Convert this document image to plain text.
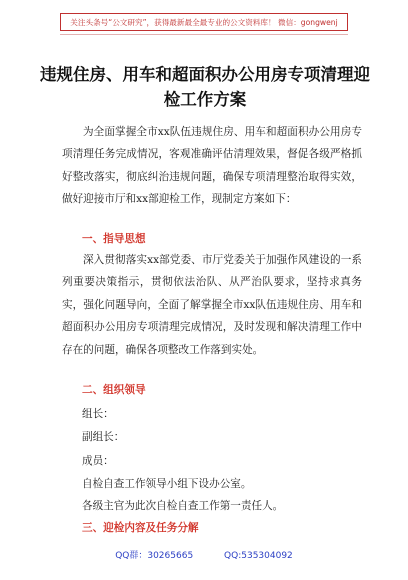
关注头条号“公文研究”，获得最新最全最专业的公文资料库！ 微信：gongwenj
违规住房、用车和超面积办公用房专项清理迎检工作方案
为全面掌握全市xx队伍违规住房、用车和超面积办公用房专项清理任务完成情况，客观准确评估清理效果，督促各级严格抓好整改落实，彻底纠治违规问题，确保专项清理整治取得实效，做好迎接市厅和xx部迎检工作，现制定方案如下：
一、指导思想
深入贯彻落实xx部党委、市厅党委关于加强作风建设的一系列重要决策指示，贯彻依法治队、从严治队要求，坚持求真务实，强化问题导向，全面了解掌握全市xx队伍违规住房、用车和超面积办公用房专项清理完成情况，及时发现和解决清理工作中存在的问题，确保各项整改工作落到实处。
二、组织领导
组长：
副组长：
成员：
自检自查工作领导小组下设办公室。
各级主官为此次自检自查工作第一责任人。
三、迎检内容及任务分解
QQ群：30265665	QQ:535304092
